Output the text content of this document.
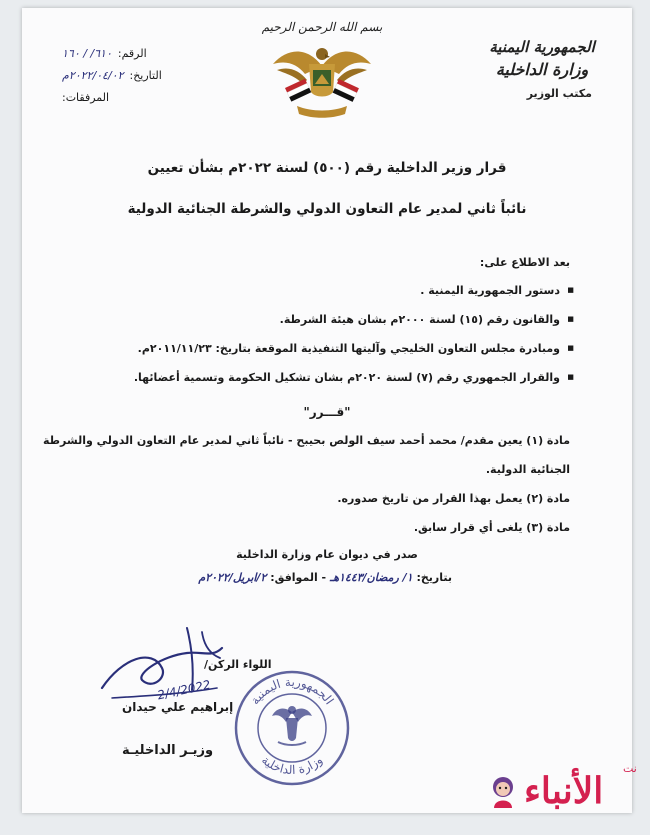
الرقم:
٦١٠/ / ١٦٠
التاريخ:
٢٠٢٢/٠٤/٠٢م
المرفقات:
بسم الله الرحمن الرحيم
الجمهورية اليمنية
وزارة الداخلية
مكتب الوزير
قرار وزير الداخلية رقم (٥٠٠) لسنة ٢٠٢٢م بشأن تعيين
نائباً ثاني لمدير عام التعاون الدولي والشرطة الجنائية الدولية
بعد الاطلاع على:
■ دستور الجمهورية اليمنية .
■ والقانون رقم (١٥) لسنة ٢٠٠٠م بشان هيئة الشرطة.
■ ومبادرة مجلس التعاون الخليجي وآليتها التنفيذية الموقعة بتاريخ: ٢٠١١/١١/٢٣م.
■ والقرار الجمهوري رقم (٧) لسنة ٢٠٢٠م بشان تشكيل الحكومة وتسمية أعضائها.
"قـــرر"
مادة (١) يعين مقدم/ محمد أحمد سيف الولص بحيبح - نائباً ثاني لمدير عام التعاون الدولي والشرطة الجنائية الدولية.
مادة (٢) يعمل بهذا القرار من تاريخ صدوره.
مادة (٣) يلغى أي قرار سابق.
صدر في ديوان عام وزارة الداخلية
بتاريخ: ١/ رمضان/١٤٤٣هـ - الموافق: ٢/ابريل/٢٠٢٢م
2/4/2022
اللواء الركن/
إبراهيم علي حيدان
وزيـر الداخليـة
الجمهورية اليمنية
وزارة الداخلية
الأنباء
نت
